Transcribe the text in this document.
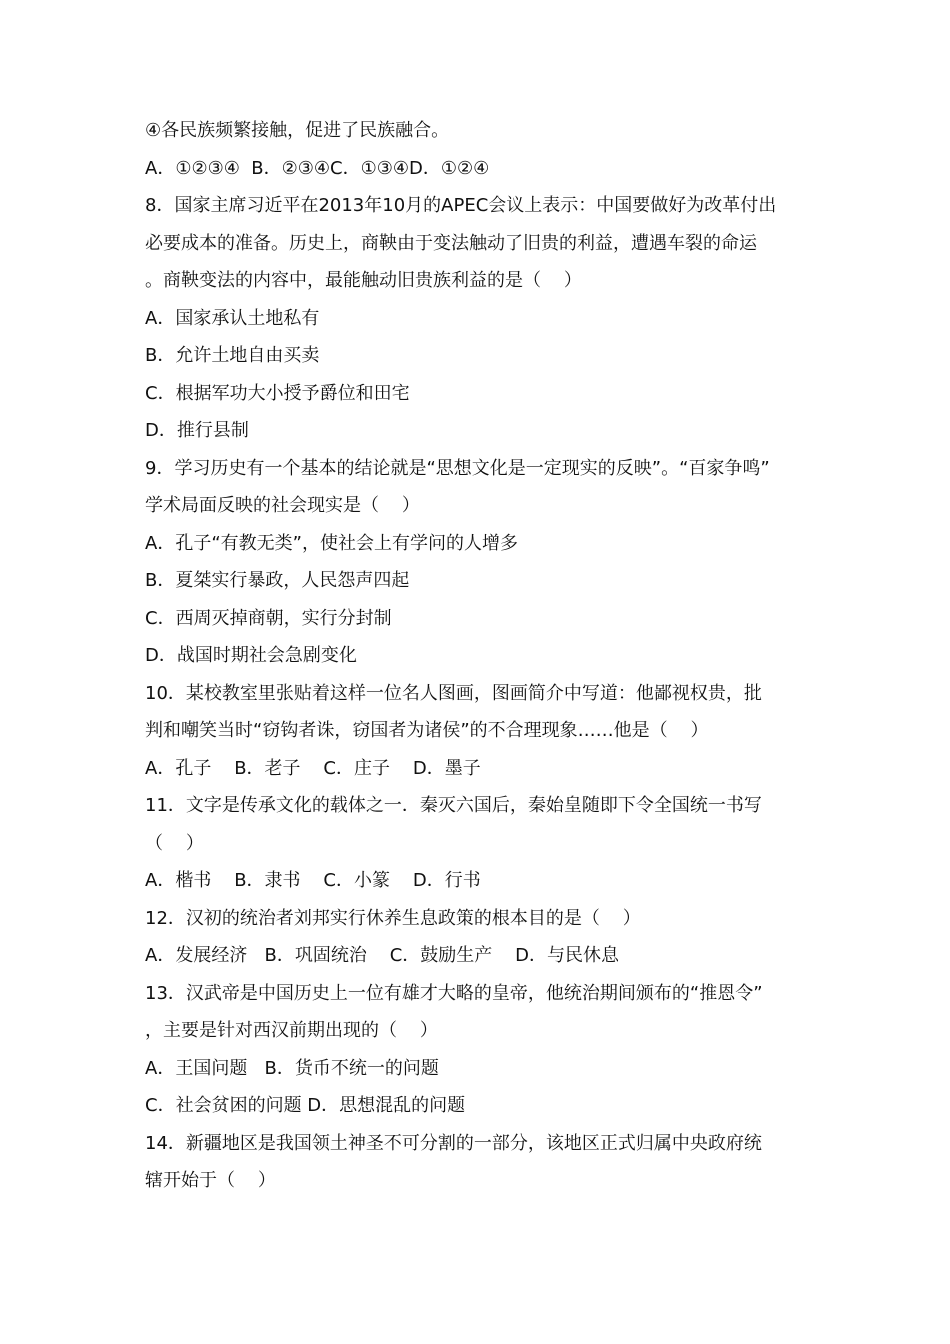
④各民族频繁接触，促进了民族融合。
A．①②③④  B．②③④C．①③④D．①②④
8．国家主席习近平在2013年10月的APEC会议上表示：中国要做好为改革付出
必要成本的准备。历史上，商鞅由于变法触动了旧贵的利益，遭遇车裂的命运
。商鞅变法的内容中，最能触动旧贵族利益的是（    ）
A．国家承认土地私有
B．允许土地自由买卖
C．根据军功大小授予爵位和田宅
D．推行县制
9．学习历史有一个基本的结论就是“思想文化是一定现实的反映”。“百家争鸣”
学术局面反映的社会现实是（    ）
A．孔子“有教无类”，使社会上有学问的人增多
B．夏桀实行暴政，人民怨声四起
C．西周灭掉商朝，实行分封制
D．战国时期社会急剧变化
10．某校教室里张贴着这样一位名人图画，图画简介中写道：他鄙视权贵，批
判和嘲笑当时“窃钩者诛，窃国者为诸侯”的不合理现象……他是（    ）
A．孔子    B．老子    C．庄子    D．墨子
11．文字是传承文化的载体之一．秦灭六国后，秦始皇随即下令全国统一书写
（    ）
A．楷书    B．隶书    C．小篆    D．行书
12．汉初的统治者刘邦实行休养生息政策的根本目的是（    ）
A．发展经济   B．巩固统治    C．鼓励生产    D．与民休息
13．汉武帝是中国历史上一位有雄才大略的皇帝，他统治期间颁布的“推恩令”
，主要是针对西汉前期出现的（    ）
A．王国问题   B．货币不统一的问题
C．社会贫困的问题 D．思想混乱的问题
14．新疆地区是我国领土神圣不可分割的一部分，该地区正式归属中央政府统
辖开始于（    ）
